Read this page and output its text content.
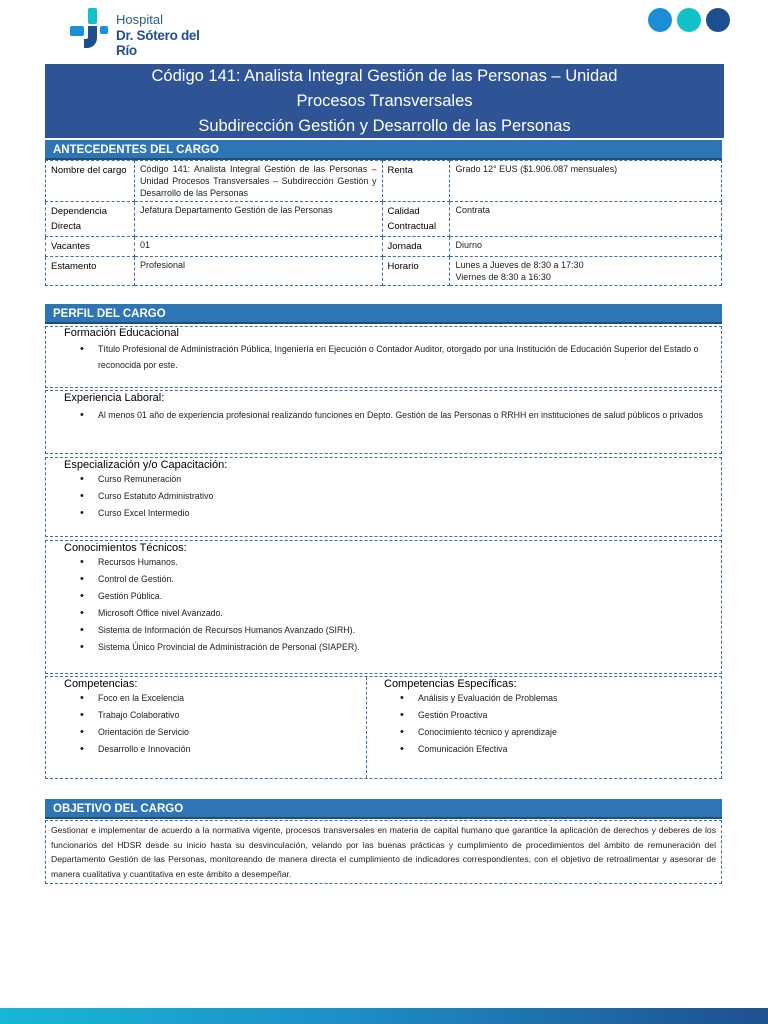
Hospital
Dr. Sótero del Río
Código 141: Analista Integral Gestión de las Personas – Unidad
Procesos Transversales
Subdirección Gestión y Desarrollo de las Personas
ANTECEDENTES DEL CARGO
Nombre del cargo	Código 141: Analista Integral Gestión de las Personas – Unidad Procesos Transversales – Subdirección Gestión y Desarrollo de las Personas	Renta	Grado 12° EUS ($1.906.087 mensuales)
Dependencia Directa	Jefatura Departamento Gestión de las Personas	Calidad Contractual	Contrata
Vacantes	01	Jornada	Diurno
Estamento	Profesional	Horario	Lunes a Jueves de 8:30 a 17:30
Viernes de 8:30 a 16:30
PERFIL DEL CARGO
Formación Educacional
• Título Profesional de Administración Pública, Ingeniería en Ejecución o Contador Auditor, otorgado por una Institución de Educación Superior del Estado o reconocida por este.
Experiencia Laboral:
• Al menos 01 año de experiencia profesional realizando funciones en Depto. Gestión de las Personas o RRHH en instituciones de salud públicos o privados
Especialización y/o Capacitación:
• Curso Remuneración
• Curso Estatuto Administrativo
• Curso Excel Intermedio
Conocimientos Técnicos:
• Recursos Humanos.
• Control de Gestión.
• Gestión Pública.
• Microsoft Office nivel Avanzado.
• Sistema de Información de Recursos Humanos Avanzado (SIRH).
• Sistema Único Provincial de Administración de Personal (SIAPER).
Competencias:
• Foco en la Excelencia
• Trabajo Colaborativo
• Orientación de Servicio
• Desarrollo e Innovación
Competencias Específicas:
• Análisis y Evaluación de Problemas
• Gestión Proactiva
• Conocimiento técnico y aprendizaje
• Comunicación Efectiva
OBJETIVO DEL CARGO
Gestionar e implementar de acuerdo a la normativa vigente, procesos transversales en materia de capital humano que garantice la aplicación de derechos y deberes de los funcionarios del HDSR desde su inicio hasta su desvinculación, velando por las buenas prácticas y cumplimiento de procedimientos del ámbito de remuneración del Departamento Gestión de las Personas, monitoreando de manera directa el cumplimiento de indicadores correspondientes, con el objetivo de retroalimentar y asesorar de manera cualitativa y cuantitativa en este ámbito a desempeñar.
